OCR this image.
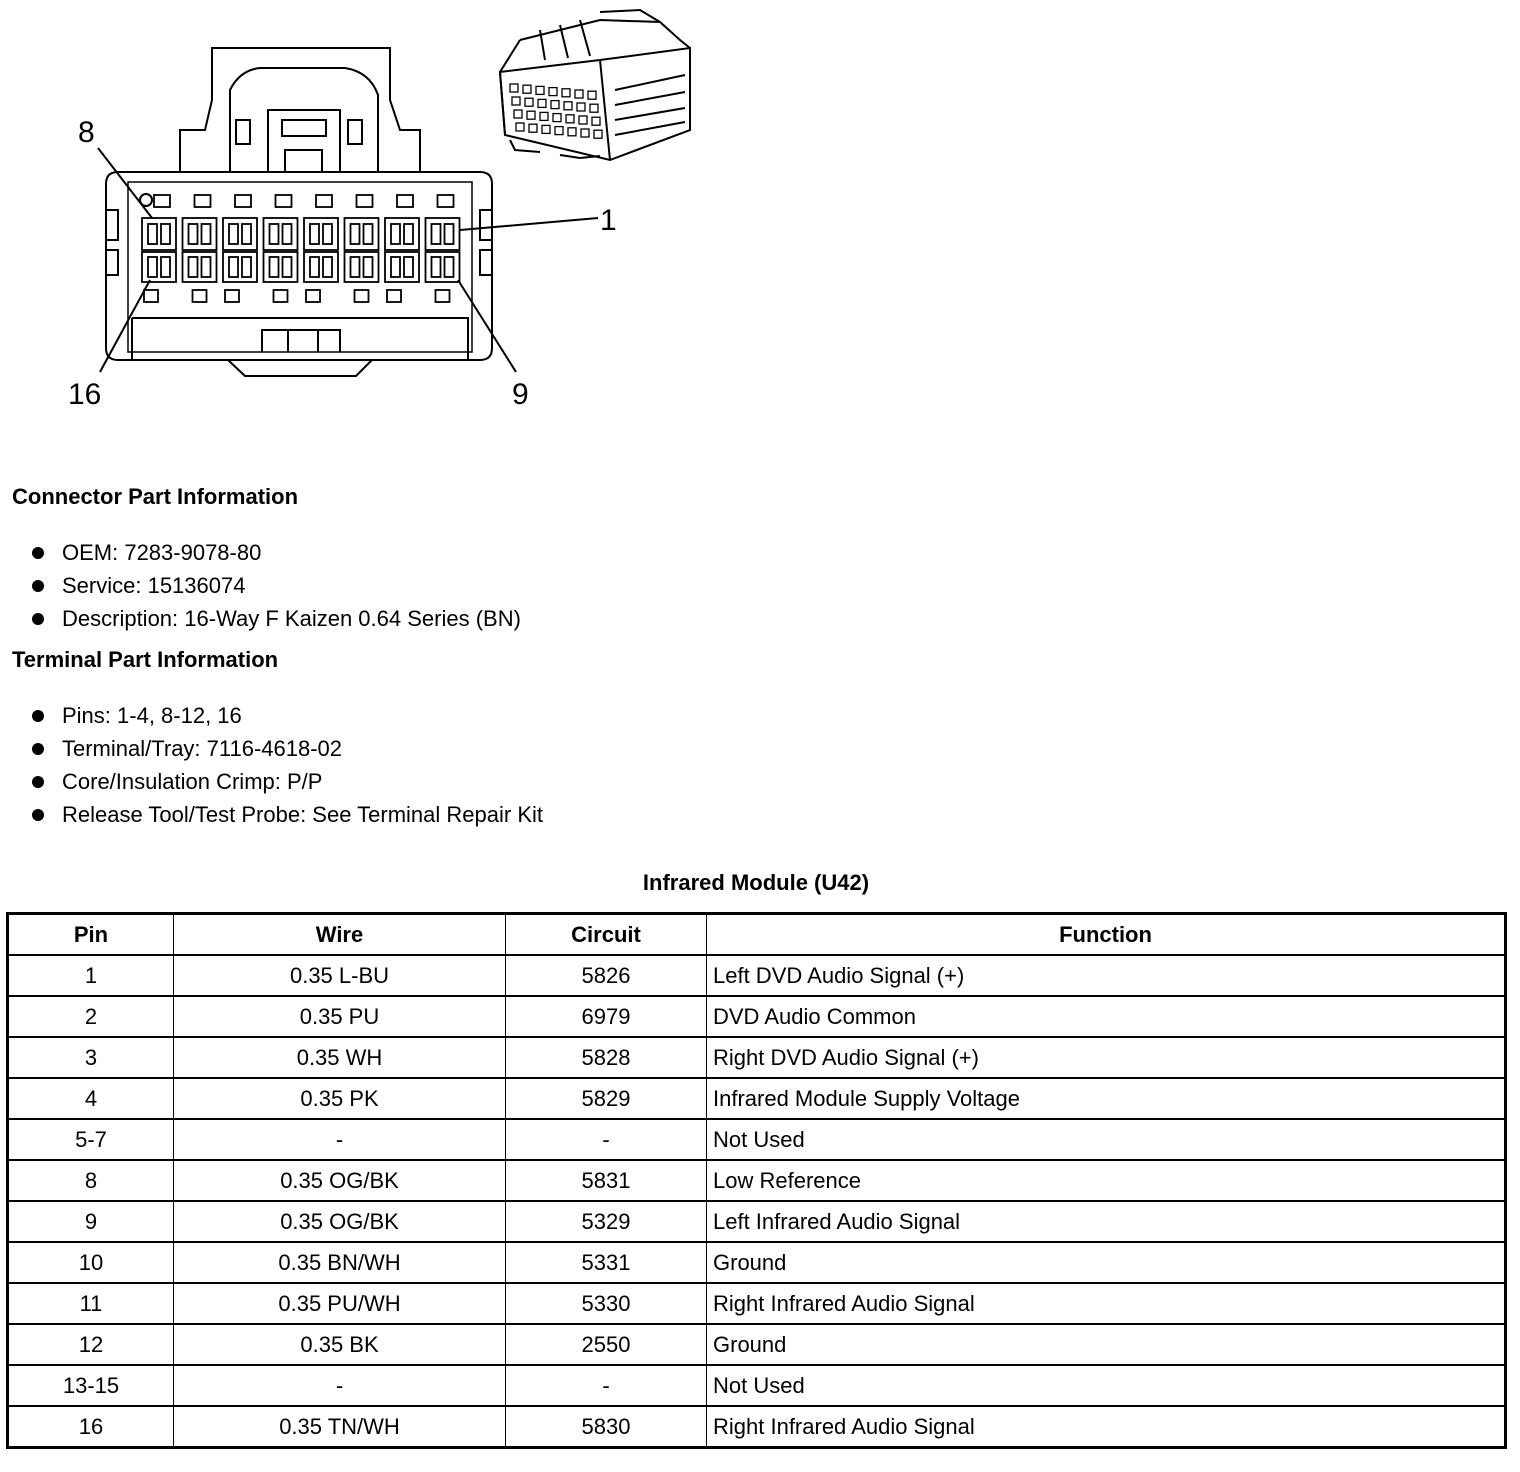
8
1
16	9
Connector Part Information
OEM: 7283-9078-80
Service: 15136074
Description: 16-Way F Kaizen 0.64 Series (BN)
Terminal Part Information
Pins: 1-4, 8-12, 16
Terminal/Tray: 7116-4618-02
Core/Insulation Crimp: P/P
Release Tool/Test Probe: See Terminal Repair Kit
Infrared Module (U42)
Pin	Wire	Circuit	Function
1	0.35 L-BU	5826	Left DVD Audio Signal (+)
2	0.35 PU	6979	DVD Audio Common
3	0.35 WH	5828	Right DVD Audio Signal (+)
4	0.35 PK	5829	Infrared Module Supply Voltage
5-7	-	-	Not Used
8	0.35 OG/BK	5831	Low Reference
9	0.35 OG/BK	5329	Left Infrared Audio Signal
10	0.35 BN/WH	5331	Ground
11	0.35 PU/WH	5330	Right Infrared Audio Signal
12	0.35 BK	2550	Ground
13-15	-	-	Not Used
16	0.35 TN/WH	5830	Right Infrared Audio Signal
